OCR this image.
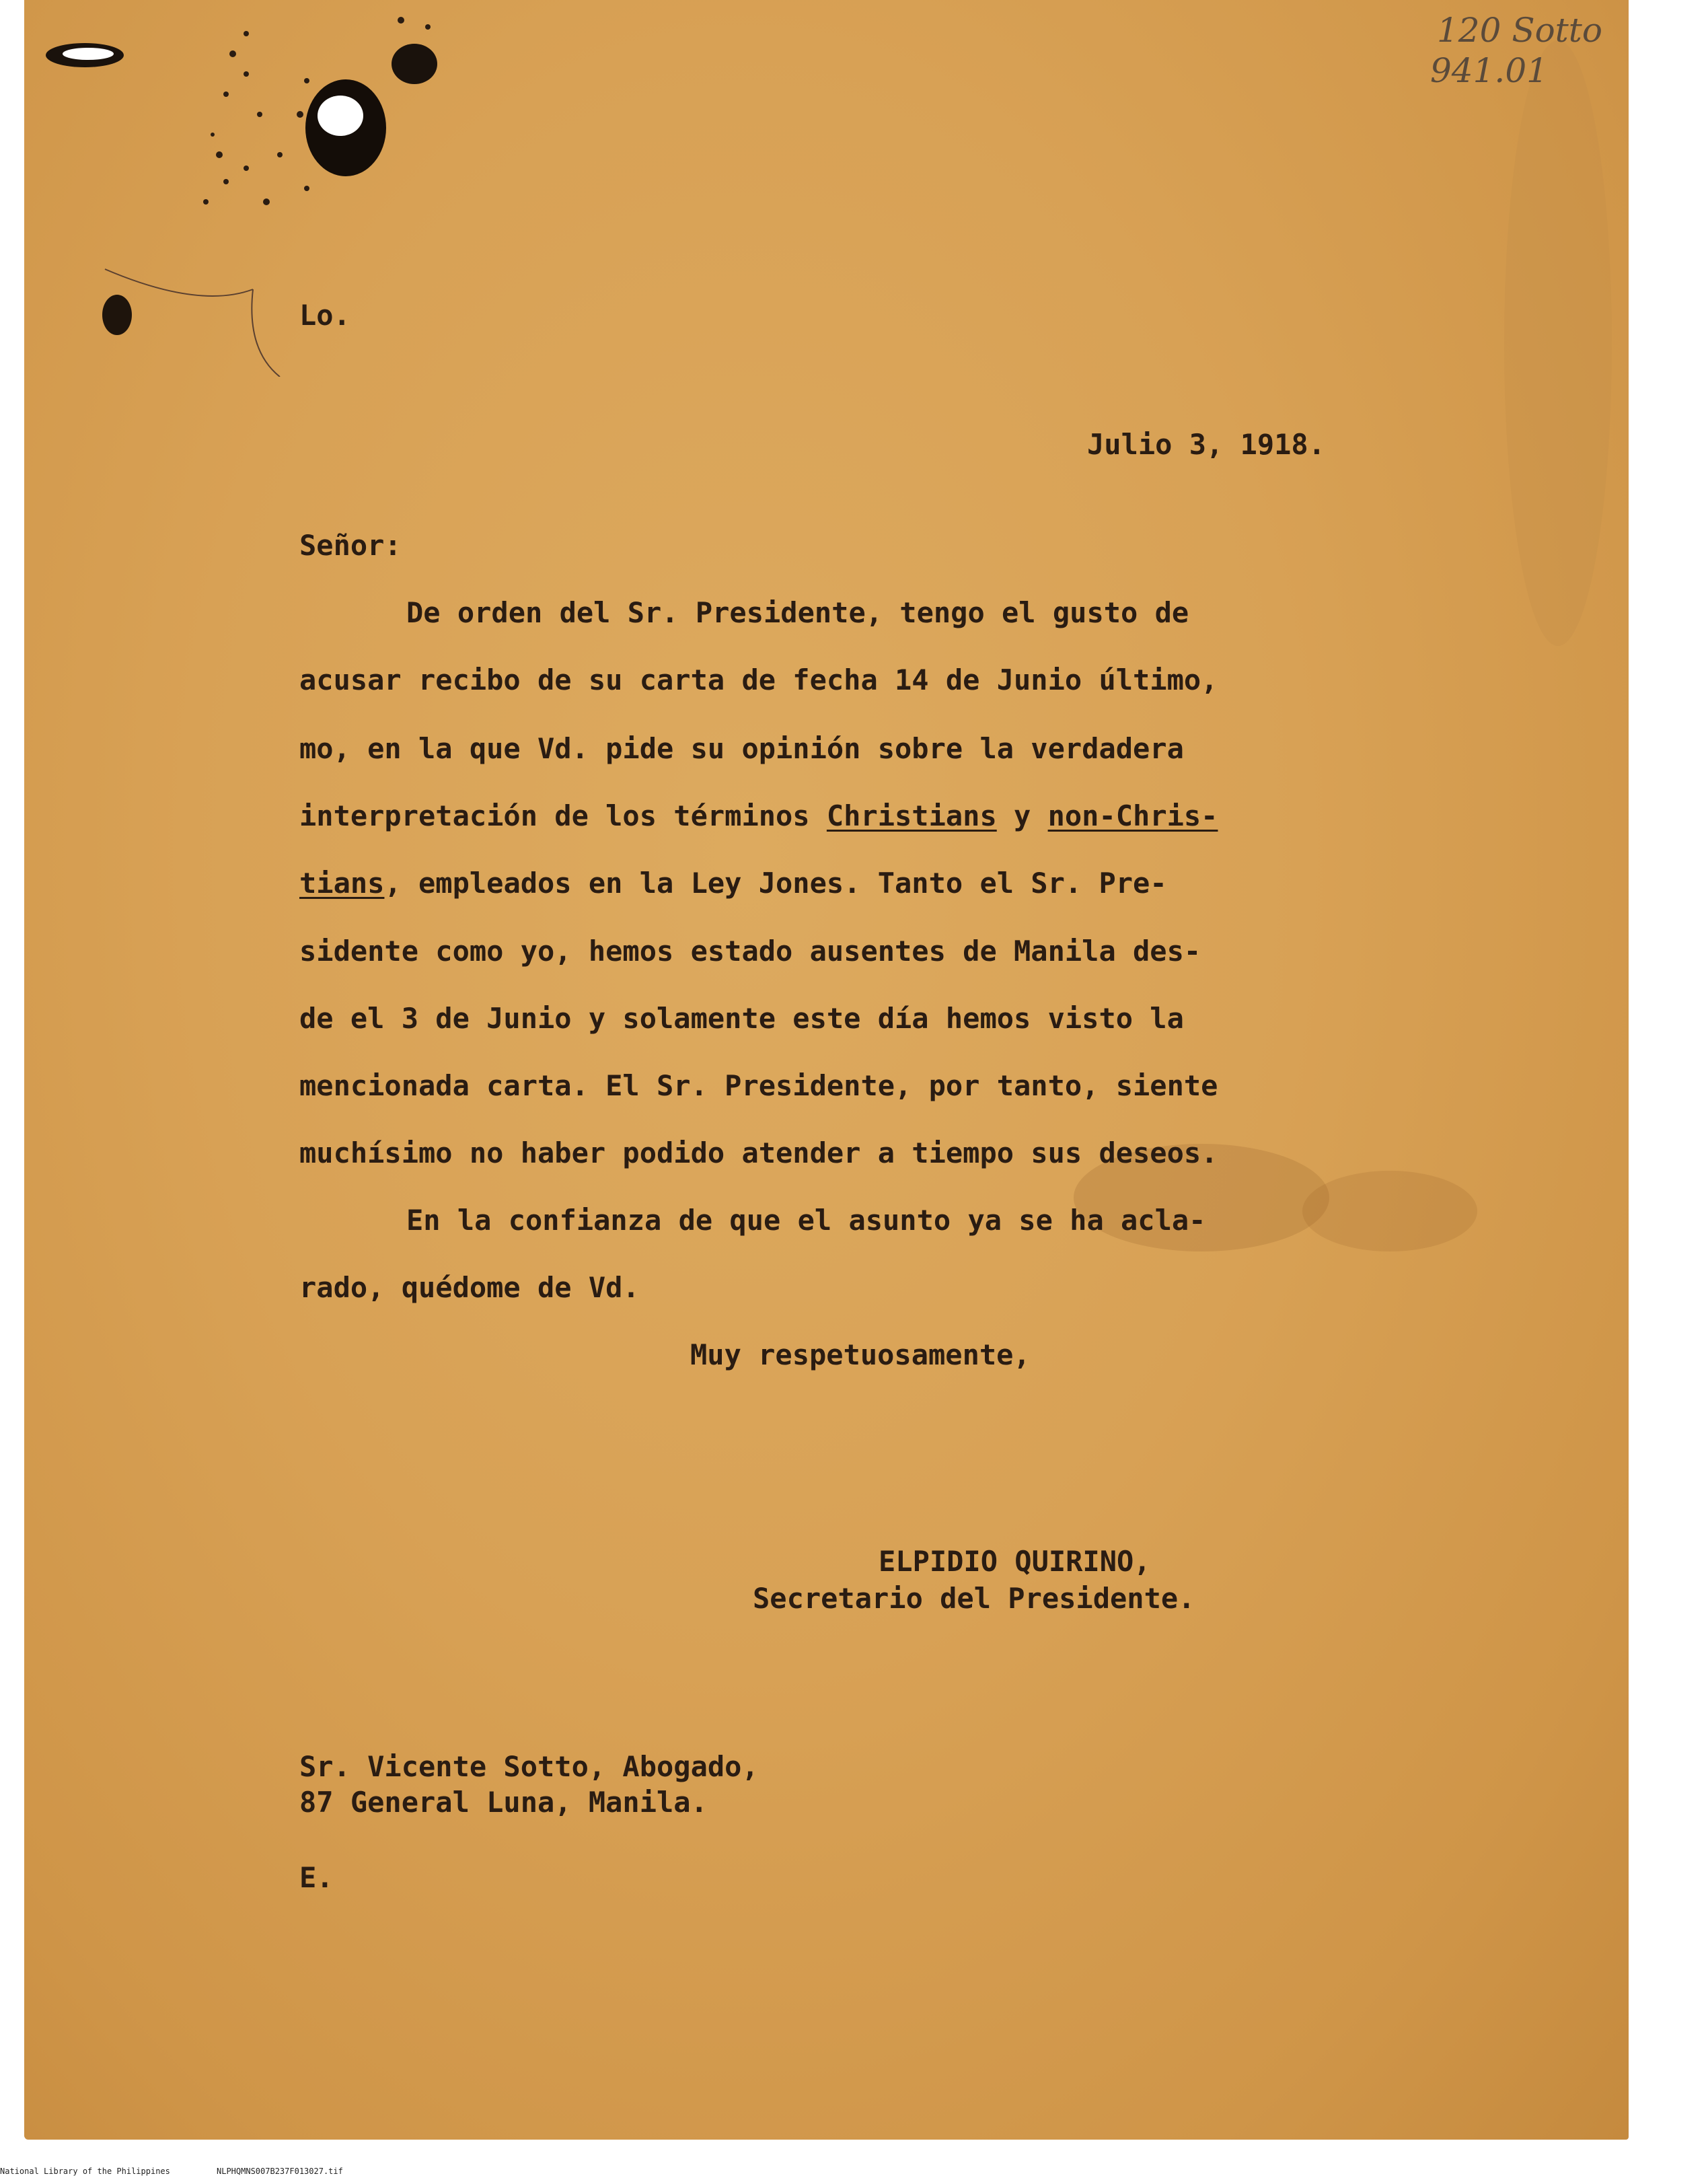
120 Sotto
941.01
Lo.
Julio 3, 1918.
Señor:
De orden del Sr. Presidente, tengo el gusto de
acusar recibo de su carta de fecha 14 de Junio último,
mo, en la que Vd. pide su opinión sobre la verdadera
interpretación de los términos Christians y non-Chris-
tians, empleados en la Ley Jones. Tanto el Sr. Pre-
sidente como yo, hemos estado ausentes de Manila des-
de el 3 de Junio y solamente este día hemos visto la
mencionada carta. El Sr. Presidente, por tanto, siente
muchísimo no haber podido atender a tiempo sus deseos.
En la confianza de que el asunto ya se ha acla-
rado, quédome de Vd.
Muy respetuosamente,
ELPIDIO QUIRINO,
Secretario del Presidente.
Sr. Vicente Sotto, Abogado,
87 General Luna, Manila.
E.
National Library of the Philippines	NLPHQMNS007B237F013027.tif
